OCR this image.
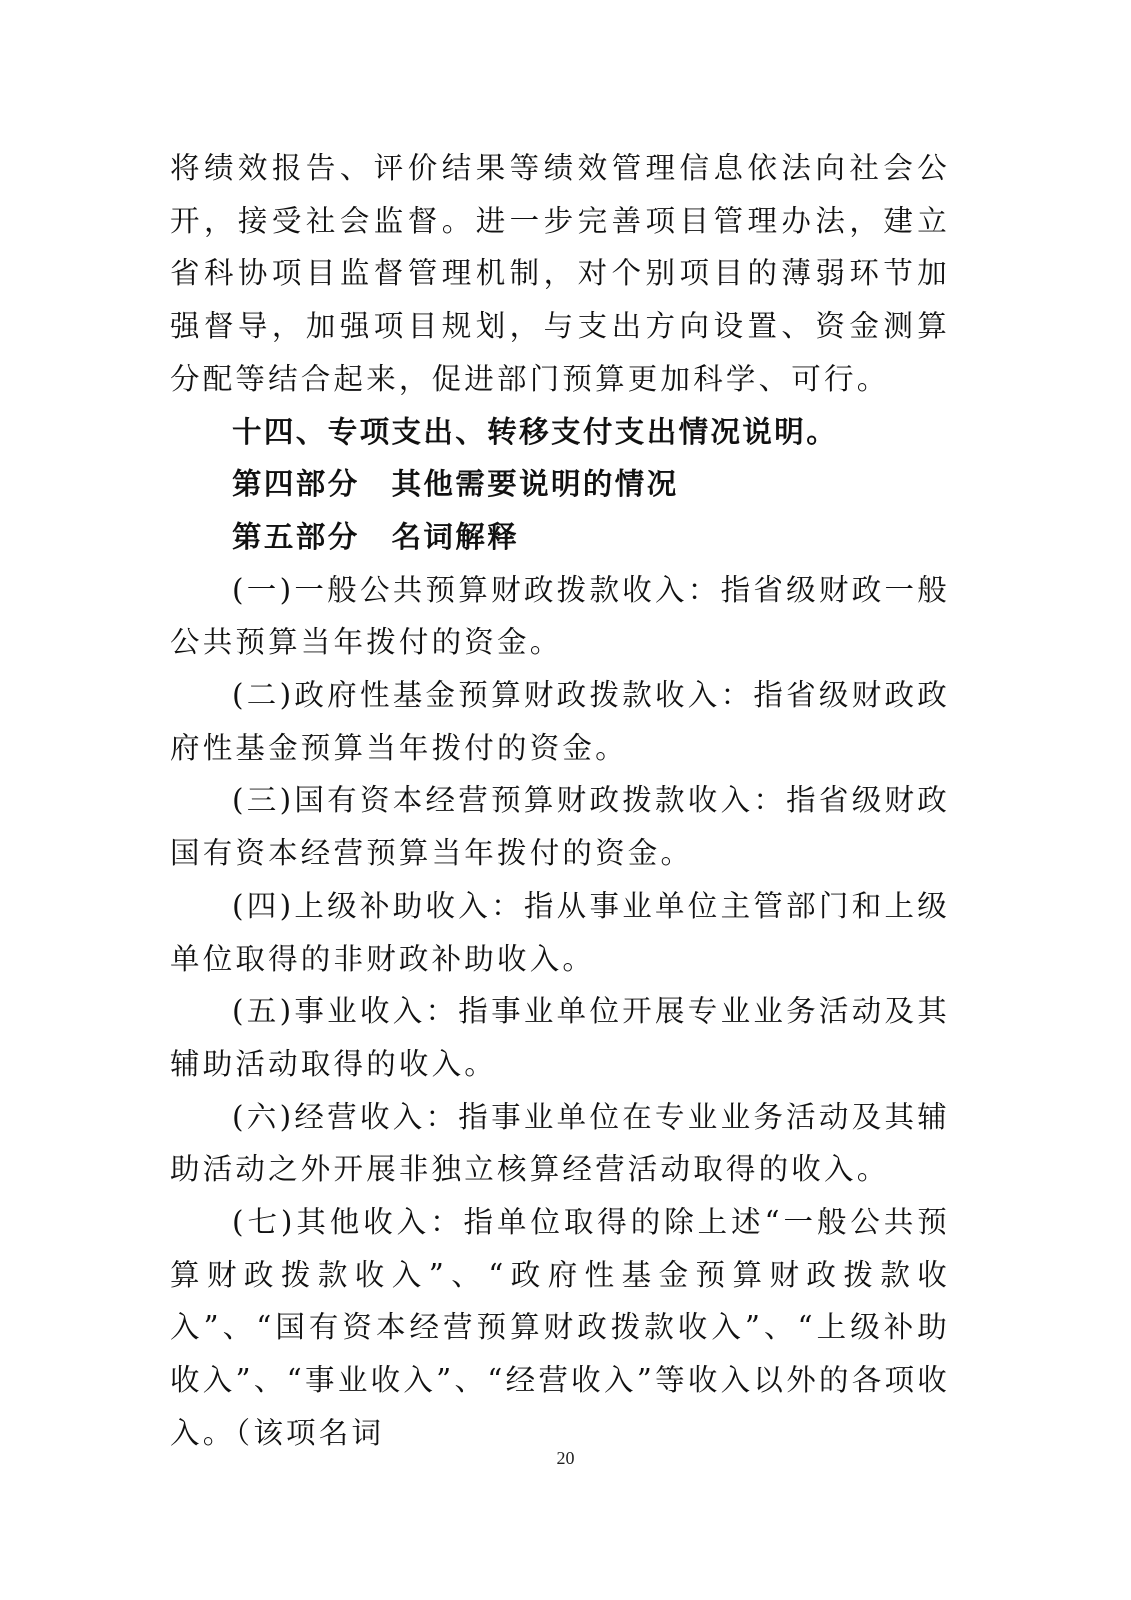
将绩效报告、评价结果等绩效管理信息依法向社会公开，接受社会监督。进一步完善项目管理办法，建立省科协项目监督管理机制，对个别项目的薄弱环节加强督导，加强项目规划，与支出方向设置、资金测算分配等结合起来，促进部门预算更加科学、可行。

十四、专项支出、转移支付支出情况说明。

第四部分　其他需要说明的情况

第五部分　名词解释

(一)一般公共预算财政拨款收入：指省级财政一般公共预算当年拨付的资金。

(二)政府性基金预算财政拨款收入：指省级财政政府性基金预算当年拨付的资金。

(三)国有资本经营预算财政拨款收入：指省级财政国有资本经营预算当年拨付的资金。

(四)上级补助收入：指从事业单位主管部门和上级单位取得的非财政补助收入。

(五)事业收入：指事业单位开展专业业务活动及其辅助活动取得的收入。

(六)经营收入：指事业单位在专业业务活动及其辅助活动之外开展非独立核算经营活动取得的收入。

(七)其他收入：指单位取得的除上述“一般公共预算财政拨款收入”、“政府性基金预算财政拨款收入”、“国有资本经营预算财政拨款收入”、“上级补助收入”、“事业收入”、“经营收入”等收入以外的各项收入。（该项名词

20
